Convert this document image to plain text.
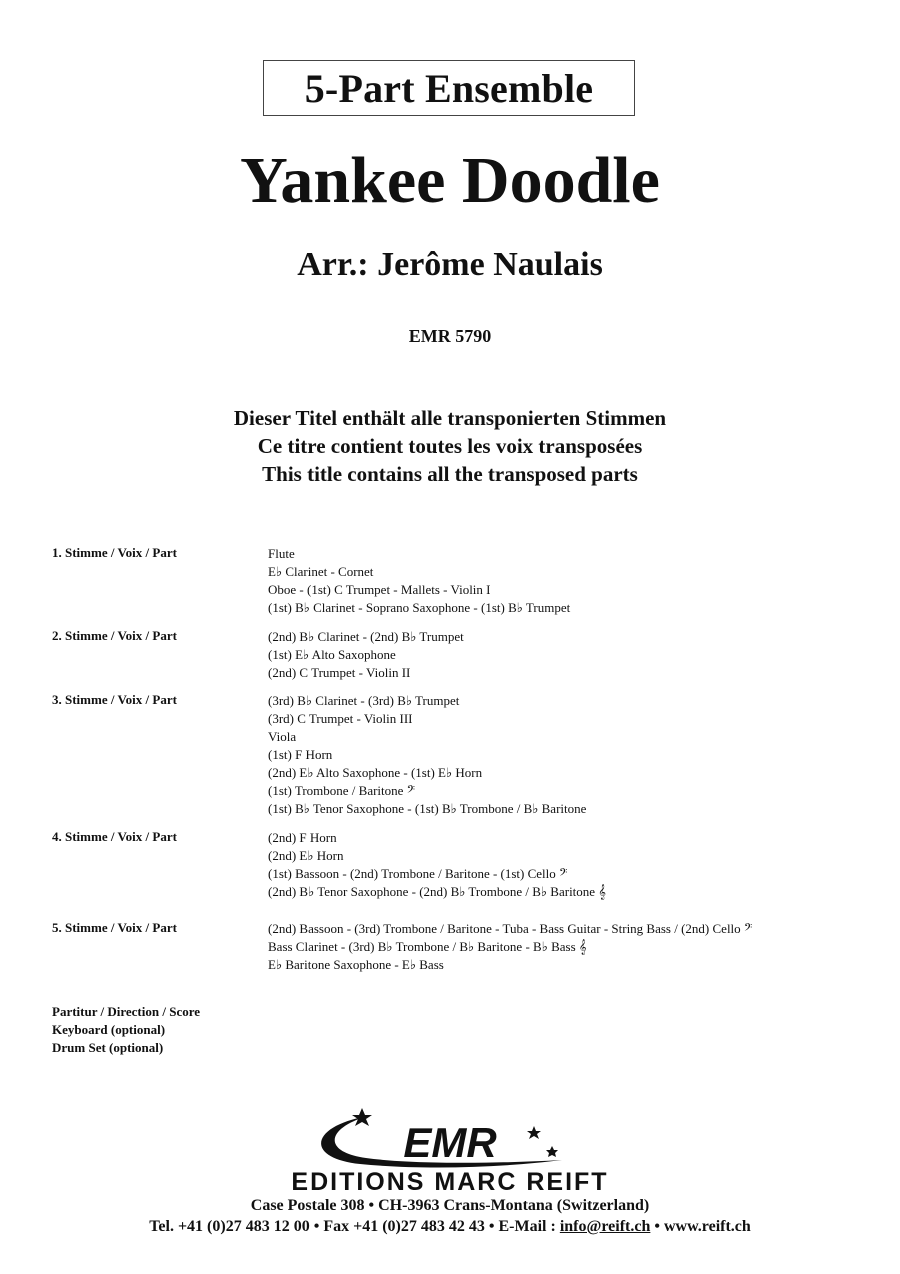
5-Part Ensemble
Yankee Doodle
Arr.: Jerôme Naulais
EMR 5790
Dieser Titel enthält alle transponierten Stimmen
Ce titre contient toutes les voix transposées
This title contains all the transposed parts
1. Stimme / Voix / Part	Flute
E♭ Clarinet - Cornet
Oboe - (1st) C Trumpet - Mallets - Violin I
(1st) B♭ Clarinet - Soprano Saxophone - (1st) B♭ Trumpet
2. Stimme / Voix / Part	(2nd) B♭ Clarinet - (2nd) B♭ Trumpet
(1st) E♭ Alto Saxophone
(2nd) C Trumpet - Violin II
3. Stimme / Voix / Part	(3rd) B♭ Clarinet - (3rd) B♭ Trumpet
(3rd) C Trumpet - Violin III
Viola
(1st) F Horn
(2nd) E♭ Alto Saxophone - (1st) E♭ Horn
(1st) Trombone / Baritone 𝄢
(1st) B♭ Tenor Saxophone - (1st) B♭ Trombone / B♭ Baritone
4. Stimme / Voix / Part	(2nd) F Horn
(2nd) E♭ Horn
(1st) Bassoon - (2nd) Trombone / Baritone - (1st) Cello 𝄢
(2nd) B♭ Tenor Saxophone - (2nd) B♭ Trombone / B♭ Baritone 𝄞
5. Stimme / Voix / Part	(2nd) Bassoon - (3rd) Trombone / Baritone - Tuba - Bass Guitar - String Bass / (2nd) Cello 𝄢
Bass Clarinet - (3rd) B♭ Trombone / B♭ Baritone - B♭ Bass 𝄞
E♭ Baritone Saxophone - E♭ Bass
Partitur / Direction / Score
Keyboard (optional)
Drum Set (optional)
EMR
EDITIONS MARC REIFT
Case Postale 308 • CH-3963 Crans-Montana (Switzerland)
Tel. +41 (0)27 483 12 00 • Fax +41 (0)27 483 42 43 • E-Mail : info@reift.ch • www.reift.ch
